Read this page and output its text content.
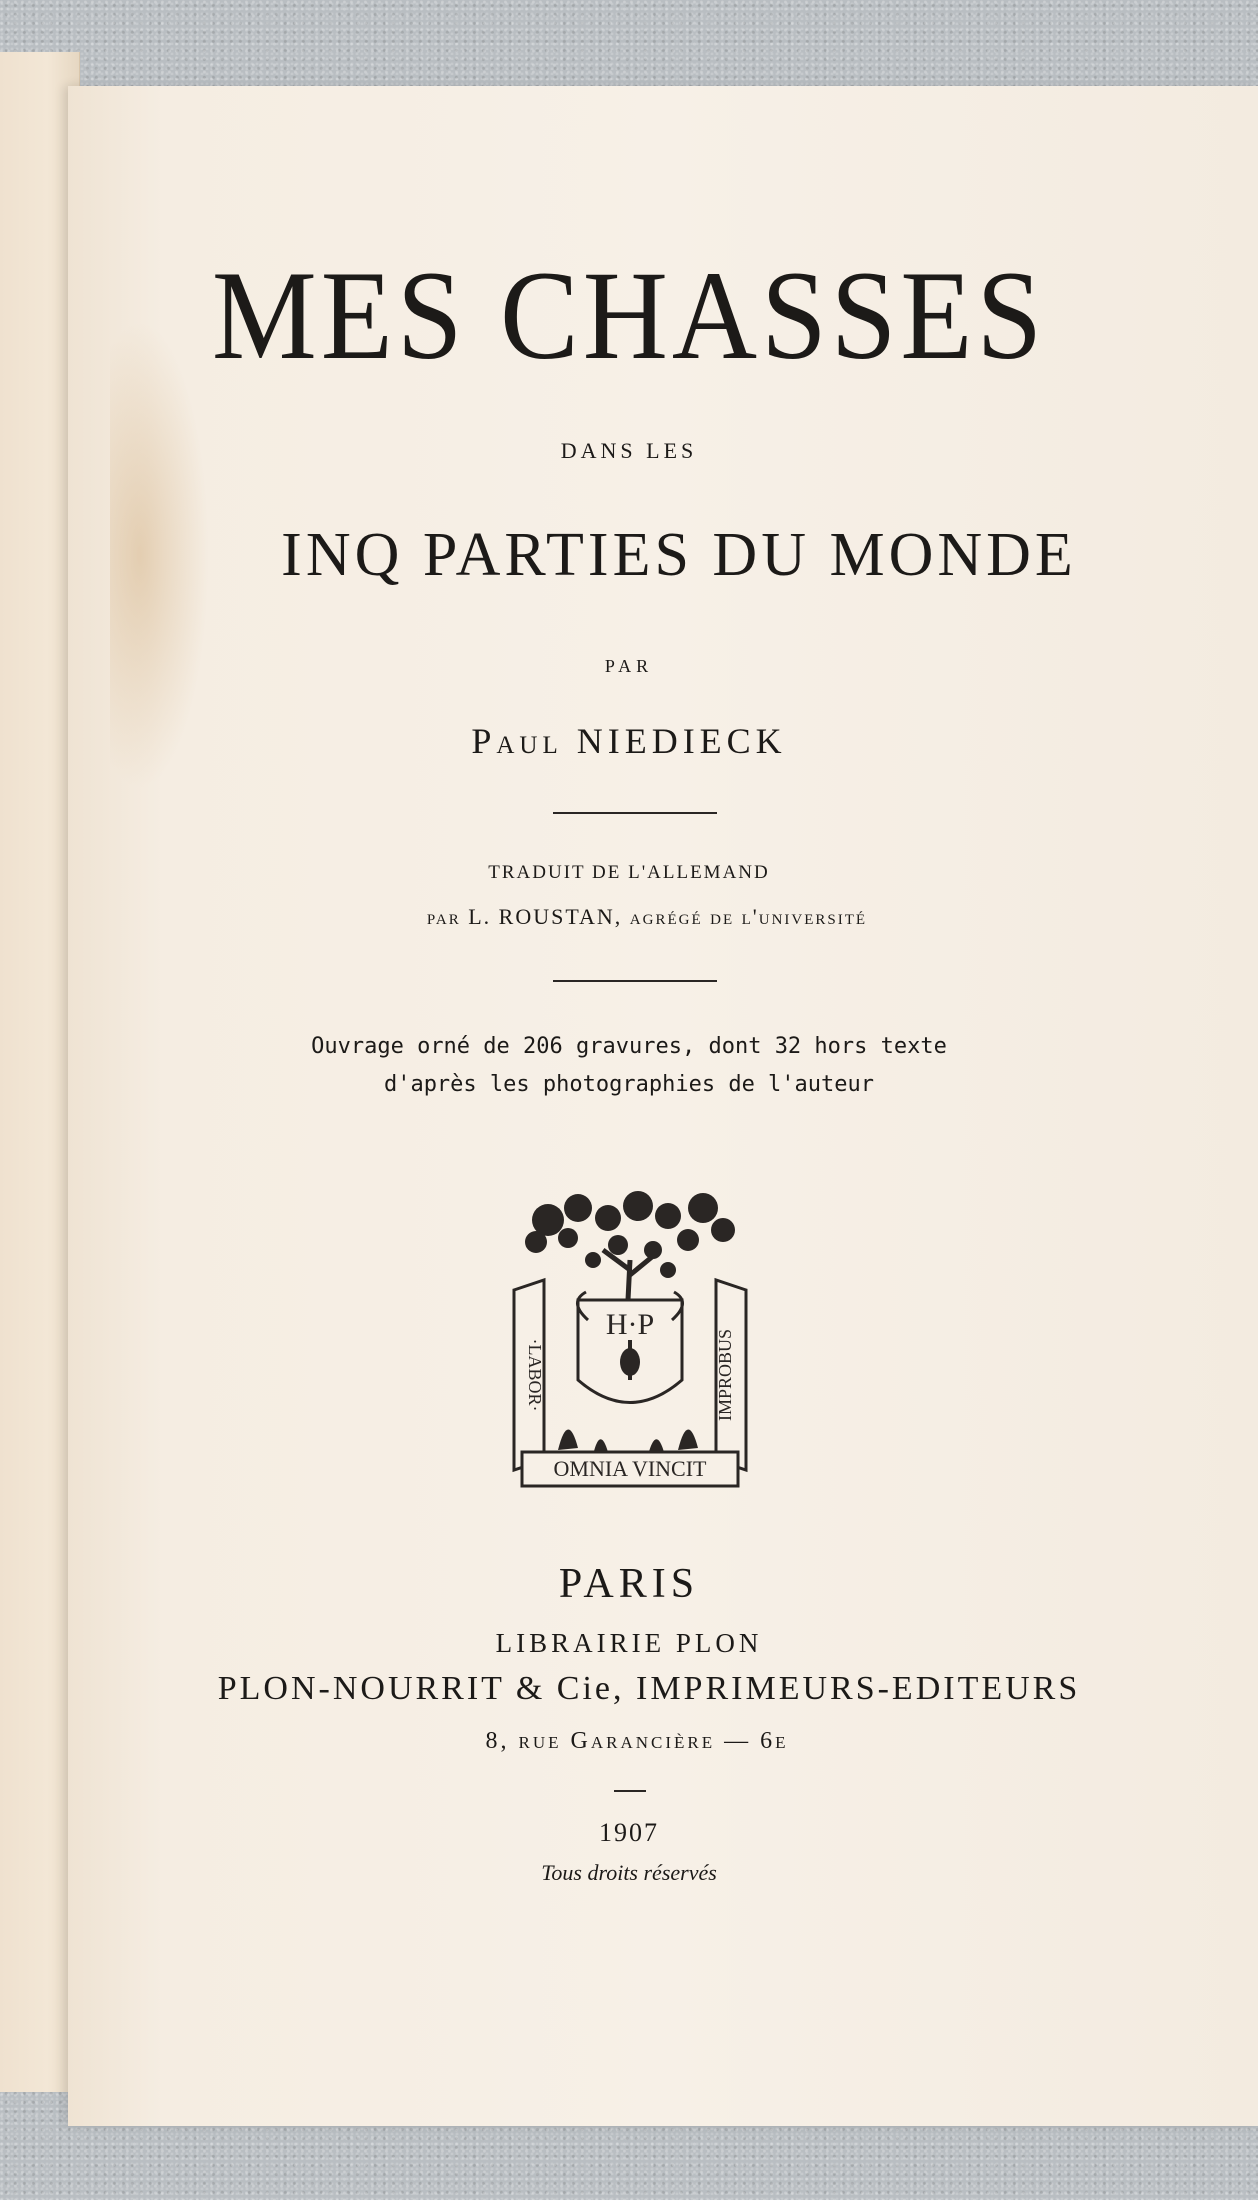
MES CHASSES
DANS LES
INQ PARTIES DU MONDE
PAR
Paul NIEDIECK
TRADUIT DE L'ALLEMAND
par L. ROUSTAN, agrégé de l'université
Ouvrage orné de 206 gravures, dont 32 hors texte
d'après les photographies de l'auteur
H·P
·LABOR·	IMPROBUS
OMNIA VINCIT
PARIS
LIBRAIRIE PLON
PLON-NOURRIT & Cie, IMPRIMEURS-EDITEURS
8, rue Garancière — 6e
1907
Tous droits réservés
